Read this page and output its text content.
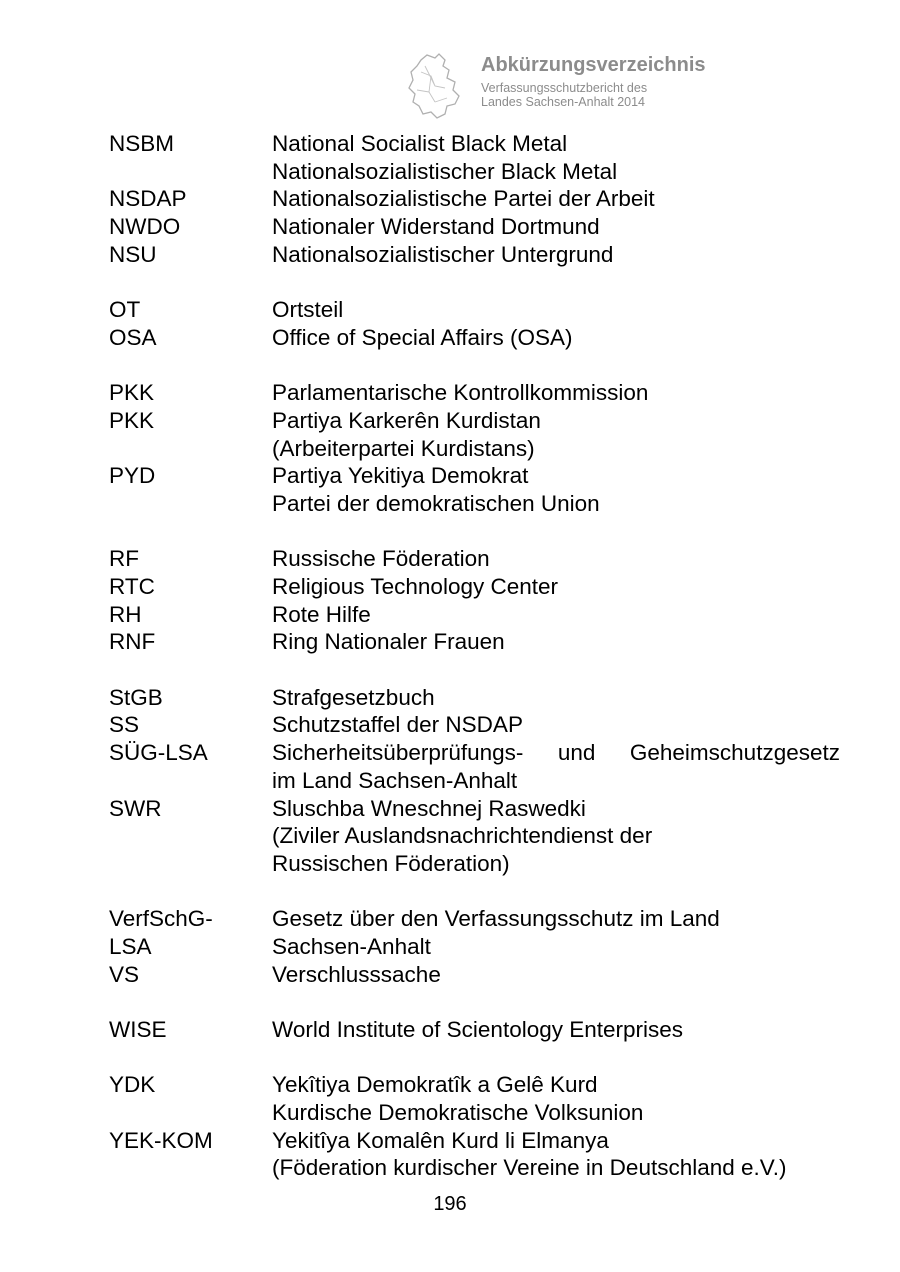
Abkürzungsverzeichnis
Verfassungsschutzbericht des
Landes Sachsen-Anhalt 2014
NSBM	National Socialist Black Metal
Nationalsozialistischer Black Metal
NSDAP	Nationalsozialistische Partei der Arbeit
NWDO	Nationaler Widerstand Dortmund
NSU	Nationalsozialistischer Untergrund
OT	Ortsteil
OSA	Office of Special Affairs (OSA)
PKK	Parlamentarische Kontrollkommission
PKK	Partiya Karkerên Kurdistan
(Arbeiterpartei Kurdistans)
PYD	Partiya Yekitiya Demokrat
Partei der demokratischen Union
RF	Russische Föderation
RTC	Religious Technology Center
RH	Rote Hilfe
RNF	Ring Nationaler Frauen
StGB	Strafgesetzbuch
SS	Schutzstaffel der NSDAP
SÜG-LSA	Sicherheitsüberprüfungs- und Geheimschutzgesetz
im Land Sachsen-Anhalt
SWR	Sluschba Wneschnej Raswedki
(Ziviler Auslandsnachrichtendienst der
Russischen Föderation)
VerfSchG-	Gesetz über den Verfassungsschutz im Land
LSA	Sachsen-Anhalt
VS	Verschlusssache
WISE	World Institute of Scientology Enterprises
YDK	Yekîtiya Demokratîk a Gelê Kurd
Kurdische Demokratische Volksunion
YEK-KOM	Yekitîya Komalên Kurd li Elmanya
(Föderation kurdischer Vereine in Deutschland e.V.)
196
